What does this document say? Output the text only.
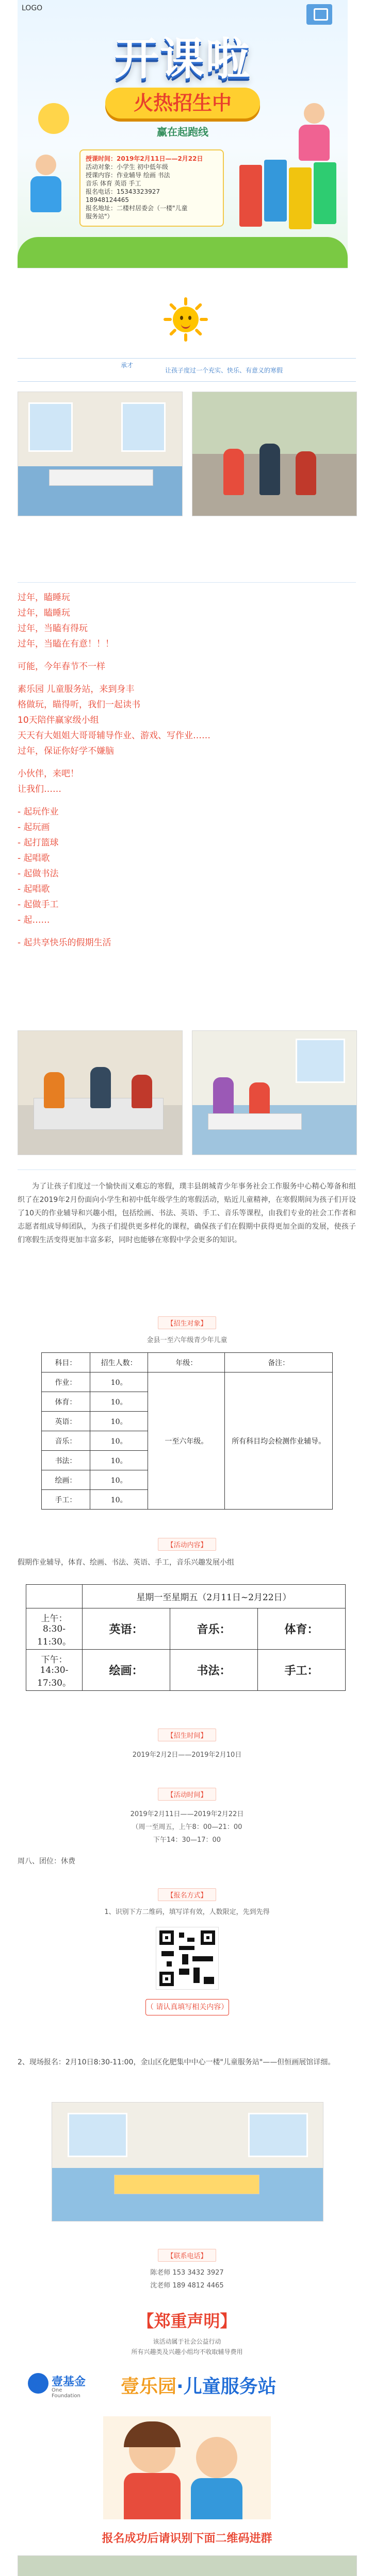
LOGO
开课啦
火热招生中
赢在起跑线
授课时间：2019年2月11日——2月22日
活动对象：小学生 初中低年级
授课内容：作业辅导 绘画 书法
音乐 体育 英语 手工
报名电话：15343323927
18948124465
报名地址：二楼村居委会（一楼"儿童
服务站"）
承才
让孩子度过一个充实、快乐、有意义的寒假
过年，瞌睡玩
过年，瞌睡玩
过年，当瞌有得玩
过年，当瞌在有意！！！
可能，今年春节不一样
素乐园 儿童服务站，来到身丰
格做玩，瞄得听，我们一起读书
10天陪伴赢家级小组
天天有大姐姐大哥哥辅导作业、游戏、写作业……
过年，保证你好学不嫌脑
小伙伴，来吧！
让我们……
- 起玩作业
- 起玩画
- 起打篮球
- 起唱歌
- 起做书法
- 起唱歌
- 起做手工
- 起……
- 起共享快乐的假期生活
为了让孩子们度过一个愉快而又难忘的寒假，璞丰县朗城青少年事务社会工作服务中心精心筹备和组织了在2019年2月份面向小学生和初中低年级学生的寒假活动，贴近儿童精神，在寒假期间为孩子们开设了10天的作业辅导和兴趣小组，包括绘画、书法、英语、手工、音乐等课程，由我们专业的社会工作者和志愿者组成导师团队，为孩子们提供更多样化的课程，确保孩子们在假期中获得更加全面的发展，使孩子们寒假生活变得更加丰富多彩，同时也能够在寒假中学会更多的知识。
【招生对象】
金县一至六年级青少年儿童
科目：	招生人数：	年级：	备注：
作业：	10。	一至六年级。	所有科目均会检测作业辅导。
体育：	10。		
英语：	10。		
音乐：	10。		
书法：	10。		
绘画：	10。		
手工：	10。		
【活动内容】
假期作业辅导，体育、绘画、书法、英语、手工，音乐兴趣发展小组
	星期一至星期五（2月11日~2月22日）		

上午：
8:30-11:30。	英语：	音乐：	体育：

下午：
14:30-17:30。	绘画：	书法：	手工：
【招生时间】
2019年2月2日——2019年2月10日
【活动时间】
2019年2月11日——2019年2月22日
（周一至周五，上午8：00—21：00
下午14：30—17：00
周八、团位：休费
【报名方式】
1、识别下方二维码，填写详有效，人数限定，先到先得
（ 请认真填写相关内容）
2、现场报名：2月10日8:30-11:00，金山区化肥集中中心一楼"儿童服务站"——但恒画展馆详细。
【联系电话】
陈老师 153 3432 3927
沈老师 189 4812 4465
【郑重声明】
该活动属于社会公益行动
所有兴趣类及兴趣小组均不收取辅导费用
壹基金
One Foundation	壹乐园·儿童服务站
报名成功后请识别下面二维码进群
